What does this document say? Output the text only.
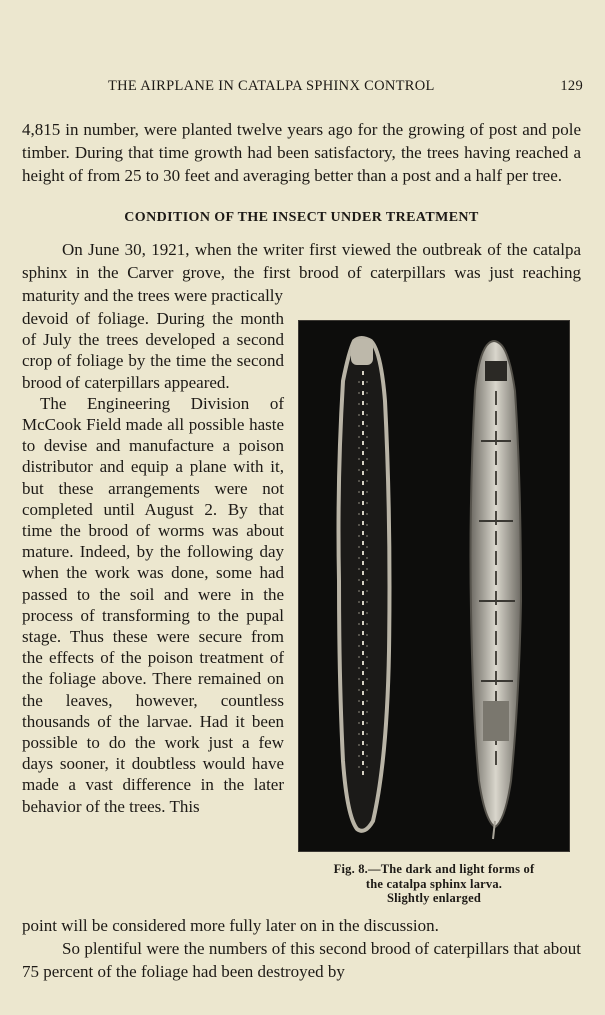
THE AIRPLANE IN CATALPA SPHINX CONTROL	129

4,815 in number, were planted twelve years ago for the growing of post and pole timber. During that time growth had been satisfactory, the trees having reached a height of from 25 to 30 feet and averaging better than a post and a half per tree.

CONDITION OF THE INSECT UNDER TREATMENT

On June 30, 1921, when the writer first viewed the outbreak of the catalpa sphinx in the Carver grove, the first brood of caterpillars was just reaching maturity and the trees were practically

devoid of foliage. During the month of July the trees developed a second crop of foliage by the time the second brood of caterpillars appeared.
The Engineering Division of McCook Field made all possible haste to devise and manufacture a poison distributor and equip a plane with it, but these arrangements were not completed until August 2. By that time the brood of worms was about mature. Indeed, by the following day when the work was done, some had passed to the soil and were in the process of transforming to the pupal stage. Thus these were secure from the effects of the poison treatment of the foliage above. There remained on the leaves, however, countless thousands of the larvae. Had it been possible to do the work just a few days sooner, it doubtless would have made a vast difference in the later behavior of the trees. This

Fig. 8.—The dark and light forms of
the catalpa sphinx larva.
Slightly enlarged

point will be considered more fully later on in the discussion.

So plentiful were the numbers of this second brood of caterpillars that about 75 percent of the foliage had been destroyed by
